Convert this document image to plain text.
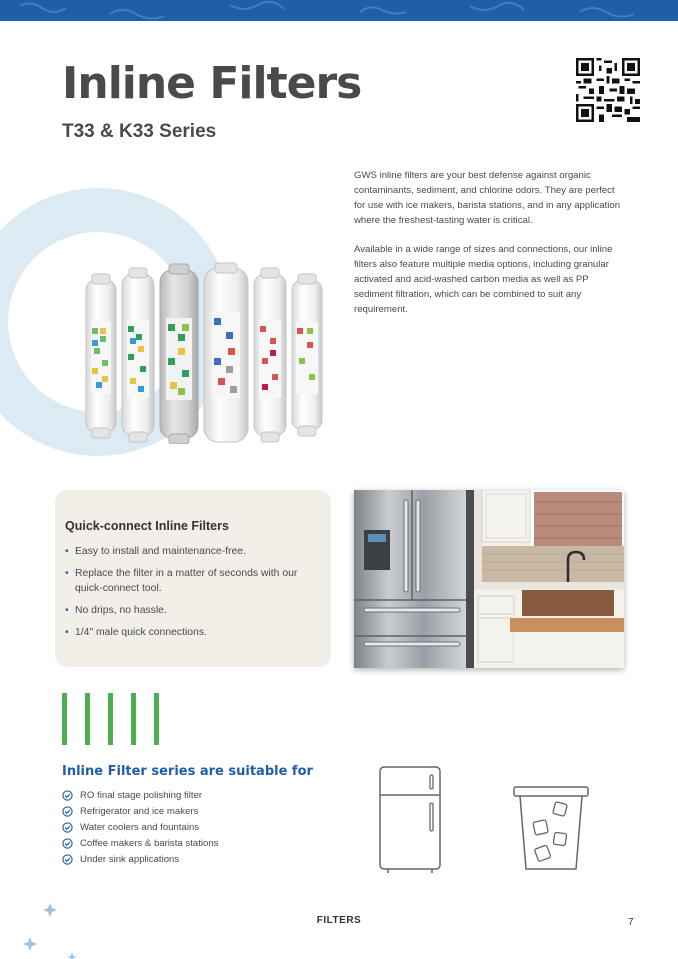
Inline Filters
T33 & K33 Series

GWS inline filters are your best defense against organic contaminants, sediment, and chlorine odors. They are perfect for use with ice makers, barista stations, and in any application where the freshest-tasting water is critical.

Available in a wide range of sizes and connections, our inline filters also feature multiple media options, including granular activated and acid-washed carbon media as well as PP sediment filtration, which can be combined to suit any requirement.

Quick-connect Inline Filters
• Easy to install and maintenance-free.
• Replace the filter in a matter of seconds with our quick-connect tool.
• No drips, no hassle.
• 1/4" male quick connections.
Inline Filter series are suitable for
RO final stage polishing filter
Refrigerator and ice makers
Water coolers and fountains
Coffee makers & barista stations
Under sink applications

FILTERS	7
